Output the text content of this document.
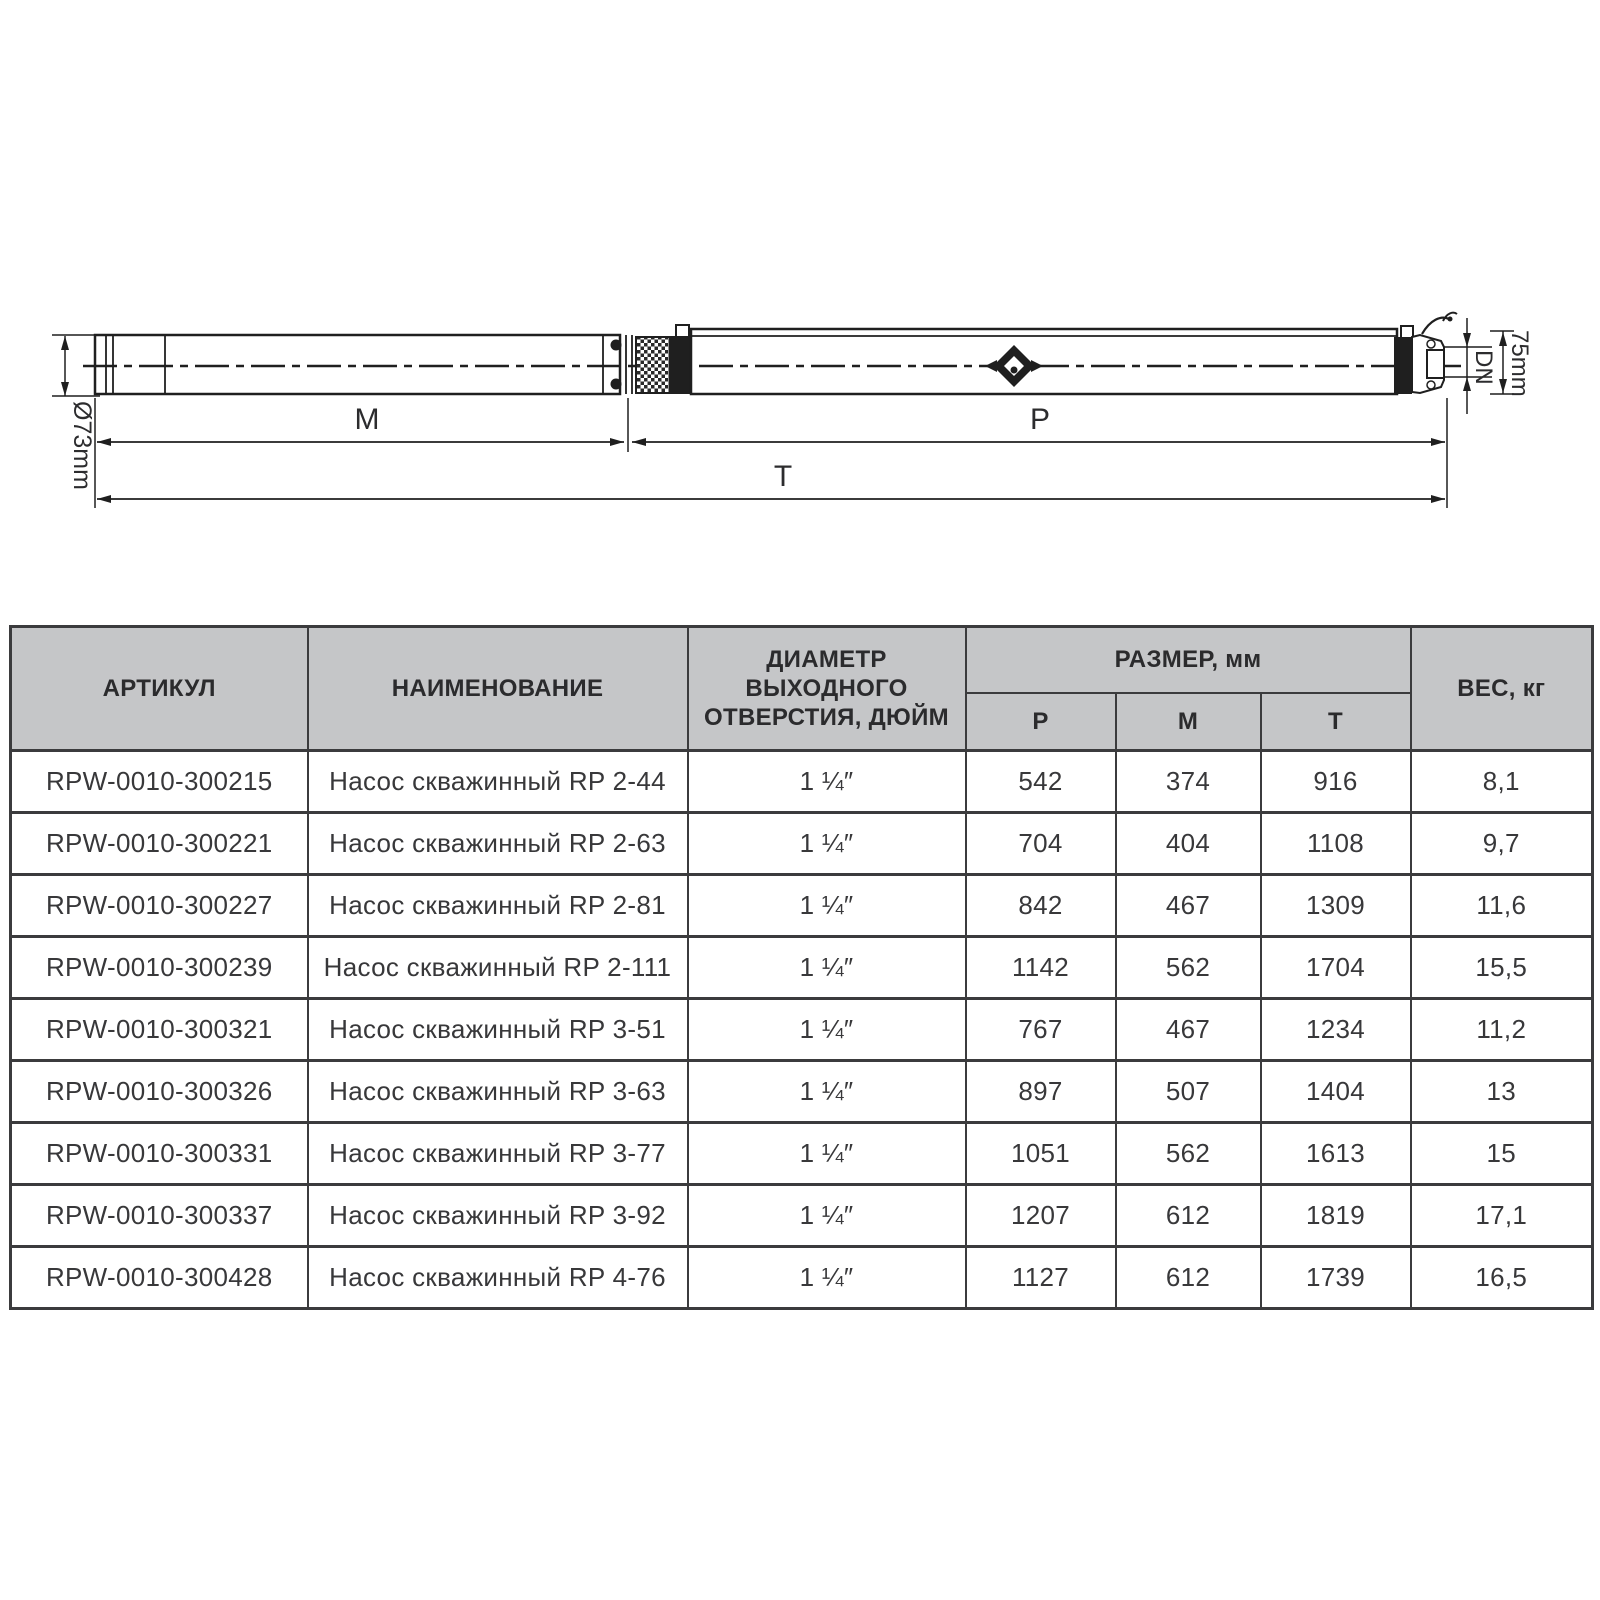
M	P
T
Ø73mm
DN 75mm
АРТИКУЛ	НАИМЕНОВАНИЕ	ДИАМЕТР ВЫХОДНОГО ОТВЕРСТИЯ, ДЮЙМ	РАЗМЕР, мм			ВЕС, кг
			P	M	T	
RPW-0010-300215	Насос скважинный RP 2-44	1 ¼″	542	374	916	8,1
RPW-0010-300221	Насос скважинный RP 2-63	1 ¼″	704	404	1108	9,7
RPW-0010-300227	Насос скважинный RP 2-81	1 ¼″	842	467	1309	11,6
RPW-0010-300239	Насос скважинный RP 2-111	1 ¼″	1142	562	1704	15,5
RPW-0010-300321	Насос скважинный RP 3-51	1 ¼″	767	467	1234	11,2
RPW-0010-300326	Насос скважинный RP 3-63	1 ¼″	897	507	1404	13
RPW-0010-300331	Насос скважинный RP 3-77	1 ¼″	1051	562	1613	15
RPW-0010-300337	Насос скважинный RP 3-92	1 ¼″	1207	612	1819	17,1
RPW-0010-300428	Насос скважинный RP 4-76	1 ¼″	1127	612	1739	16,5
